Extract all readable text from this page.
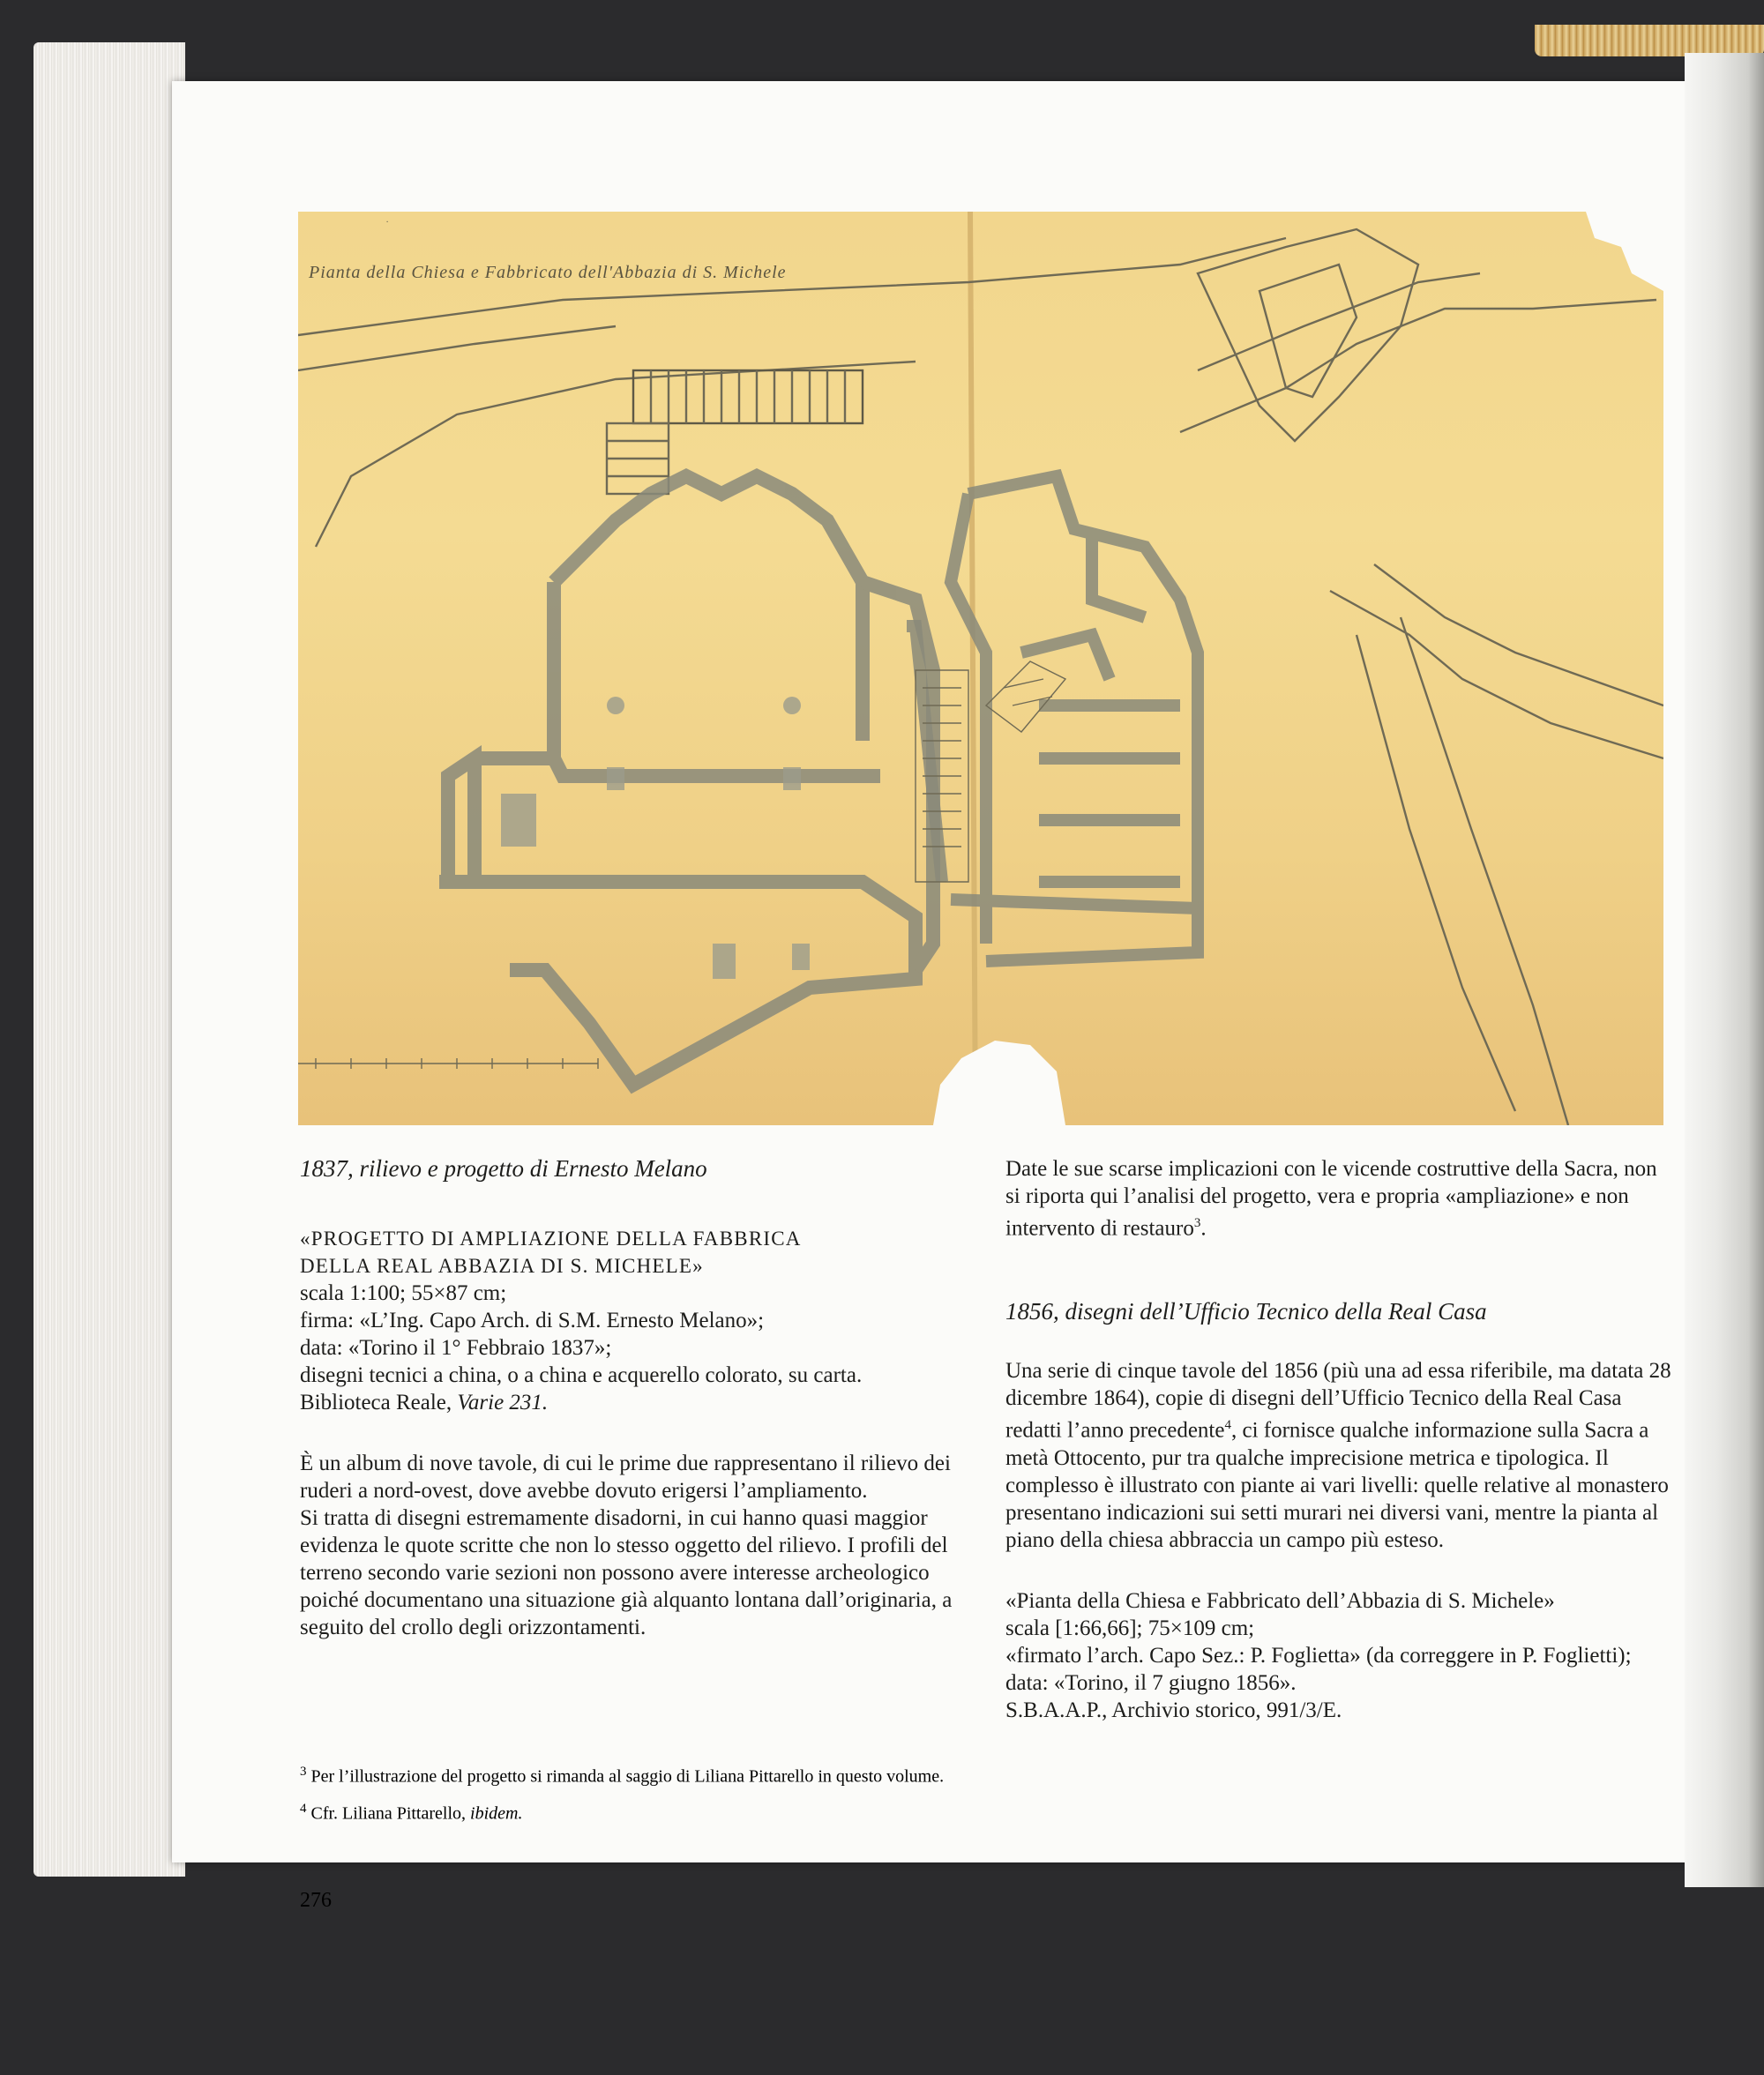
.
Pianta della Chiesa e Fabbricato dell'Abbazia di S. Michele

1837, rilievo e progetto di Ernesto Melano

«PROGETTO DI AMPLIAZIONE DELLA FABBRICA
DELLA REAL ABBAZIA DI S. MICHELE»
scala 1:100; 55×87 cm;
firma: «L’Ing. Capo Arch. di S.M. Ernesto Melano»;
data: «Torino il 1° Febbraio 1837»;
disegni tecnici a china, o a china e acquerello colorato, su carta.
Biblioteca Reale, Varie 231.

È un album di nove tavole, di cui le prime due rappresentano il rilievo dei ruderi a nord-ovest, dove avebbe dovuto erigersi l’ampliamento.

Si tratta di disegni estremamente disadorni, in cui hanno quasi maggior evidenza le quote scritte che non lo stesso oggetto del rilievo. I profili del terreno secondo varie sezioni non possono avere interesse archeologico poiché documentano una situazione già alquanto lontana dall’originaria, a seguito del crollo degli orizzontamenti.

$^3$ Per l’illustrazione del progetto si rimanda al saggio di Liliana Pittarello in questo volume.

$^4$ Cfr. Liliana Pittarello, ibidem.

276

Date le sue scarse implicazioni con le vicende costruttive della Sacra, non si riporta qui l’analisi del progetto, vera e propria «ampliazione» e non intervento di restauro$^3$.

1856, disegni dell’Ufficio Tecnico della Real Casa

Una serie di cinque tavole del 1856 (più una ad essa riferibile, ma datata 28 dicembre 1864), copie di disegni dell’Ufficio Tecnico della Real Casa redatti l’anno precedente$^4$, ci fornisce qualche informazione sulla Sacra a metà Ottocento, pur tra qualche imprecisione metrica e tipologica. Il complesso è illustrato con piante ai vari livelli: quelle relative al monastero presentano indicazioni sui setti murari nei diversi vani, mentre la pianta al piano della chiesa abbraccia un campo più esteso.

«Pianta della Chiesa e Fabbricato dell’Abbazia di S. Michele»

scala [1:66,66]; 75×109 cm;
«firmato l’arch. Capo Sez.: P. Foglietta» (da correggere in P. Foglietti);
data: «Torino, il 7 giugno 1856».
S.B.A.A.P., Archivio storico, 991/3/E.
